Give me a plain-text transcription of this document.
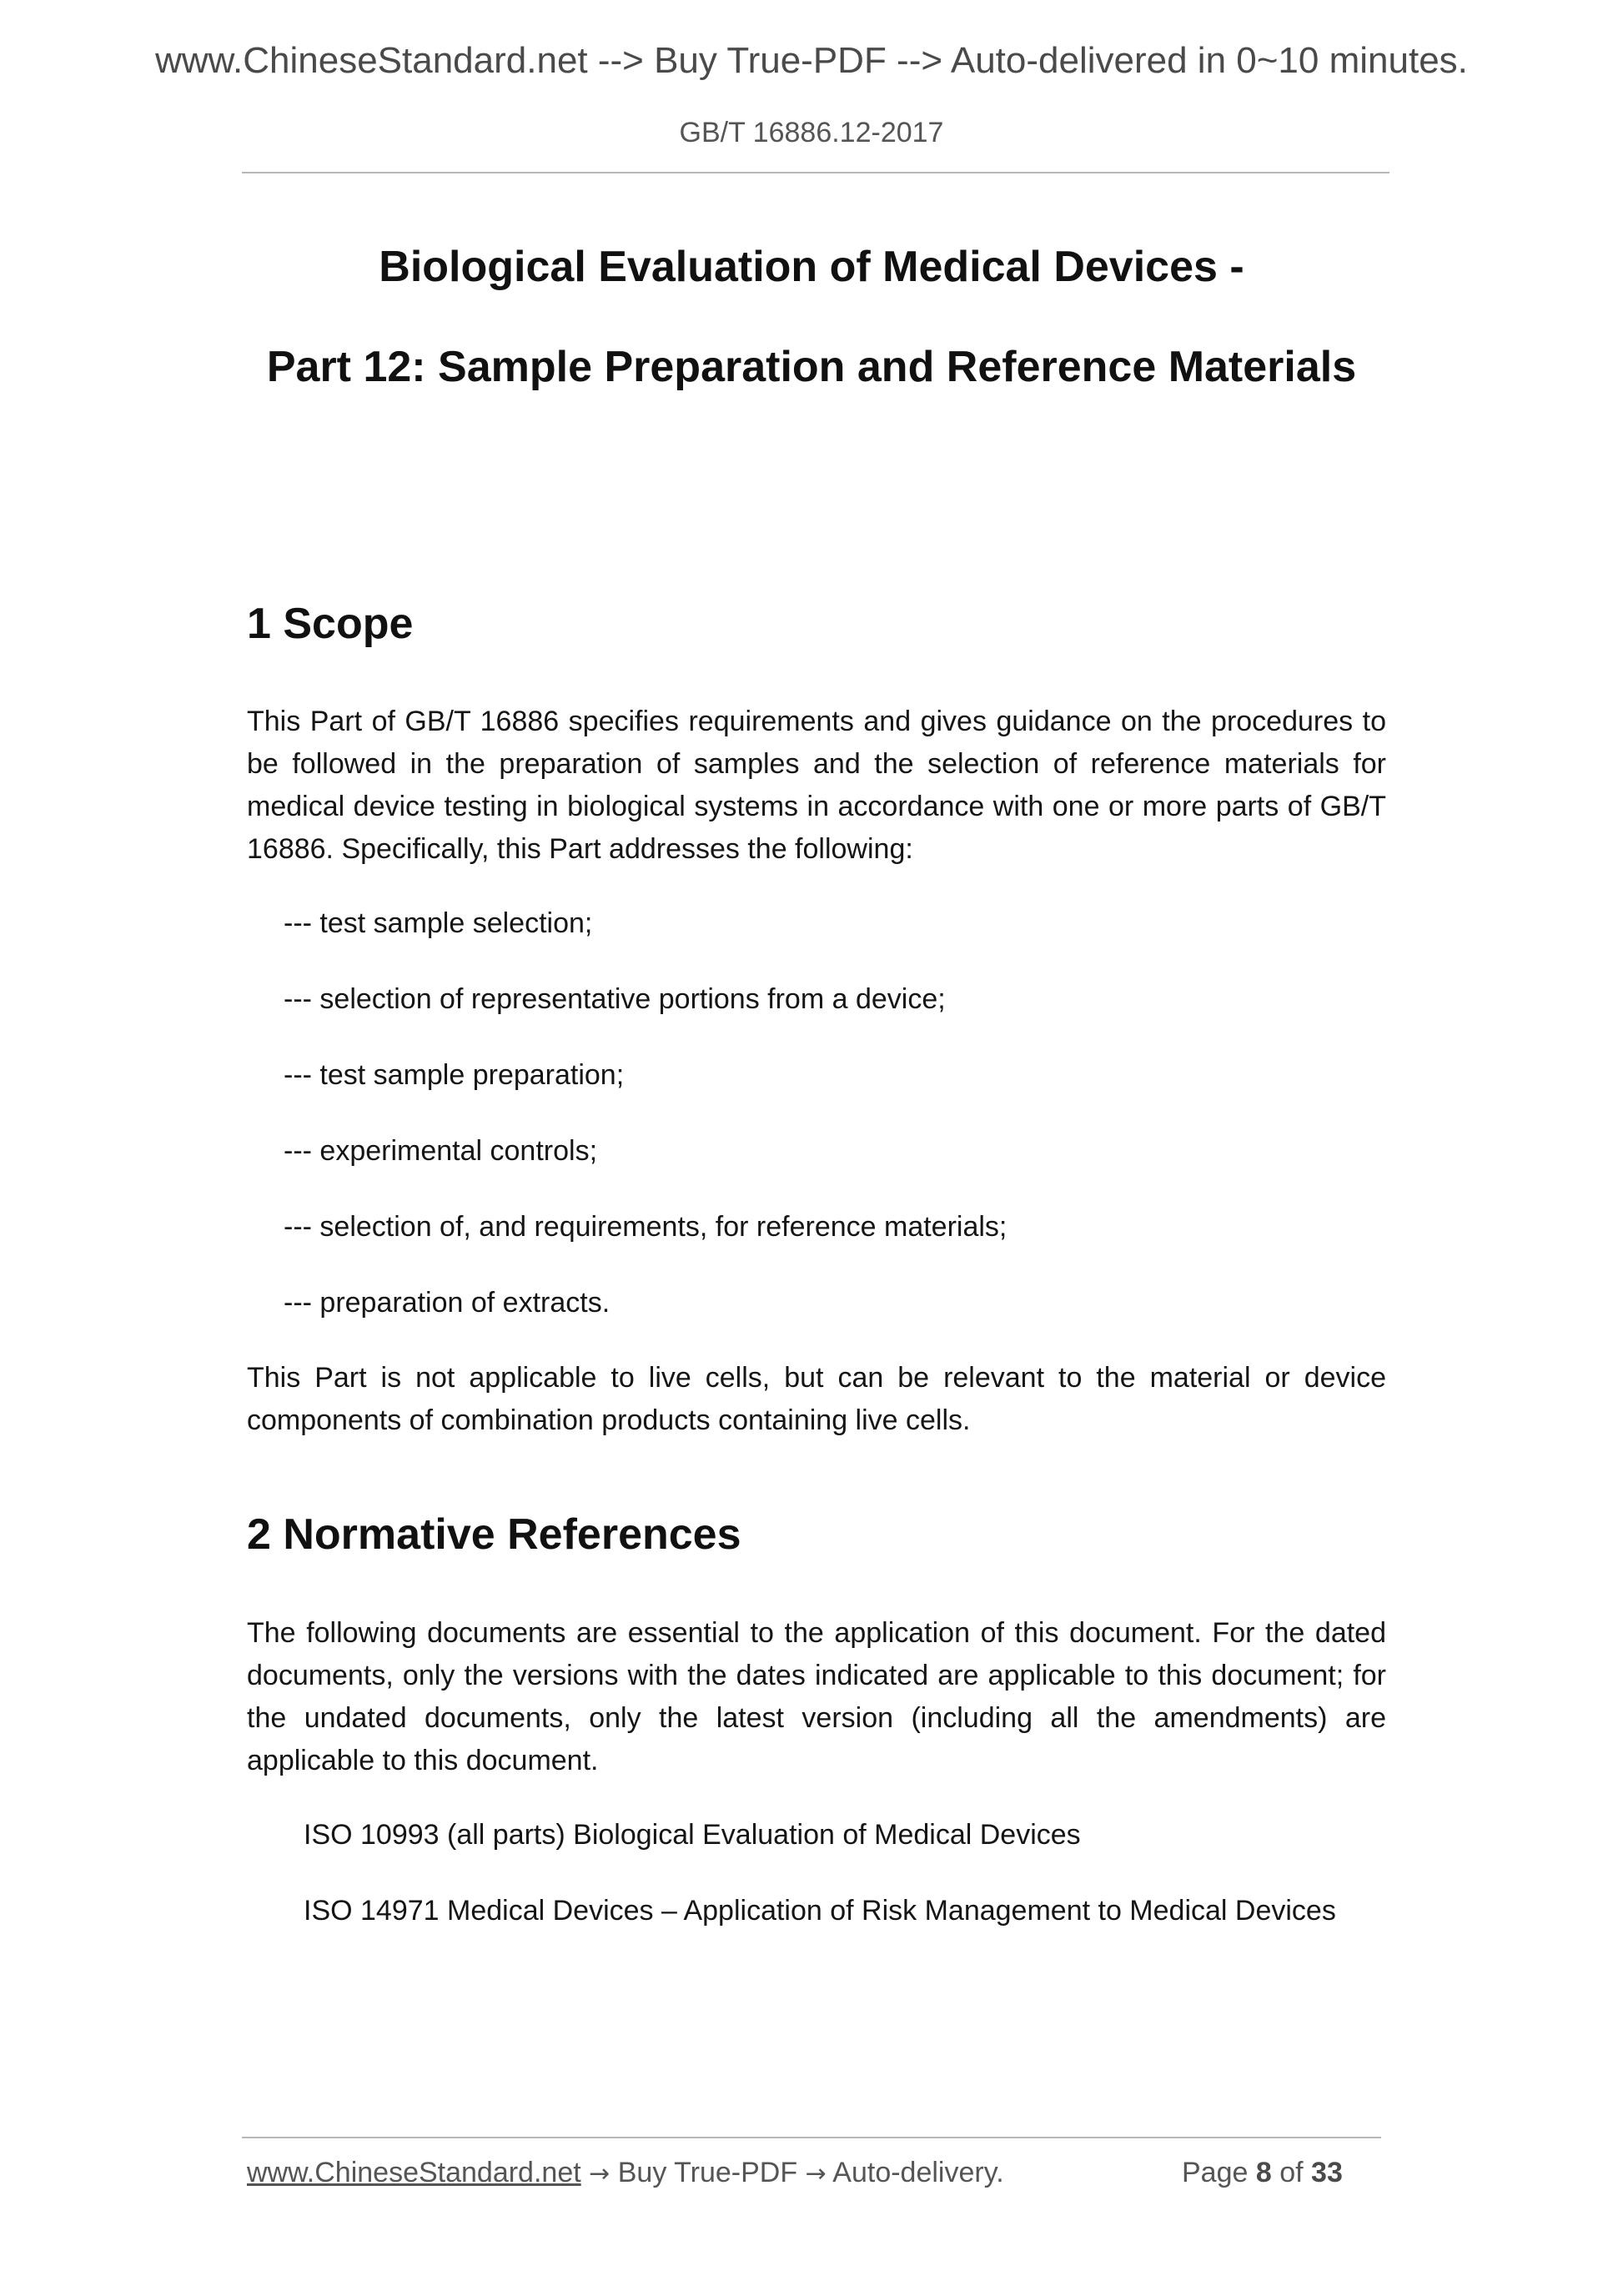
www.ChineseStandard.net --> Buy True-PDF --> Auto-delivered in 0~10 minutes.
GB/T 16886.12-2017
Biological Evaluation of Medical Devices -
Part 12: Sample Preparation and Reference Materials
1 Scope
This Part of GB/T 16886 specifies requirements and gives guidance on the procedures to be followed in the preparation of samples and the selection of reference materials for medical device testing in biological systems in accordance with one or more parts of GB/T 16886. Specifically, this Part addresses the following:
--- test sample selection;
--- selection of representative portions from a device;
--- test sample preparation;
--- experimental controls;
--- selection of, and requirements, for reference materials;
--- preparation of extracts.
This Part is not applicable to live cells, but can be relevant to the material or device components of combination products containing live cells.
2 Normative References
The following documents are essential to the application of this document. For the dated documents, only the versions with the dates indicated are applicable to this document; for the undated documents, only the latest version (including all the amendments) are applicable to this document.
ISO 10993 (all parts) Biological Evaluation of Medical Devices
ISO 14971 Medical Devices – Application of Risk Management to Medical Devices
www.ChineseStandard.net → Buy True-PDF → Auto-delivery.	Page 8 of 33
